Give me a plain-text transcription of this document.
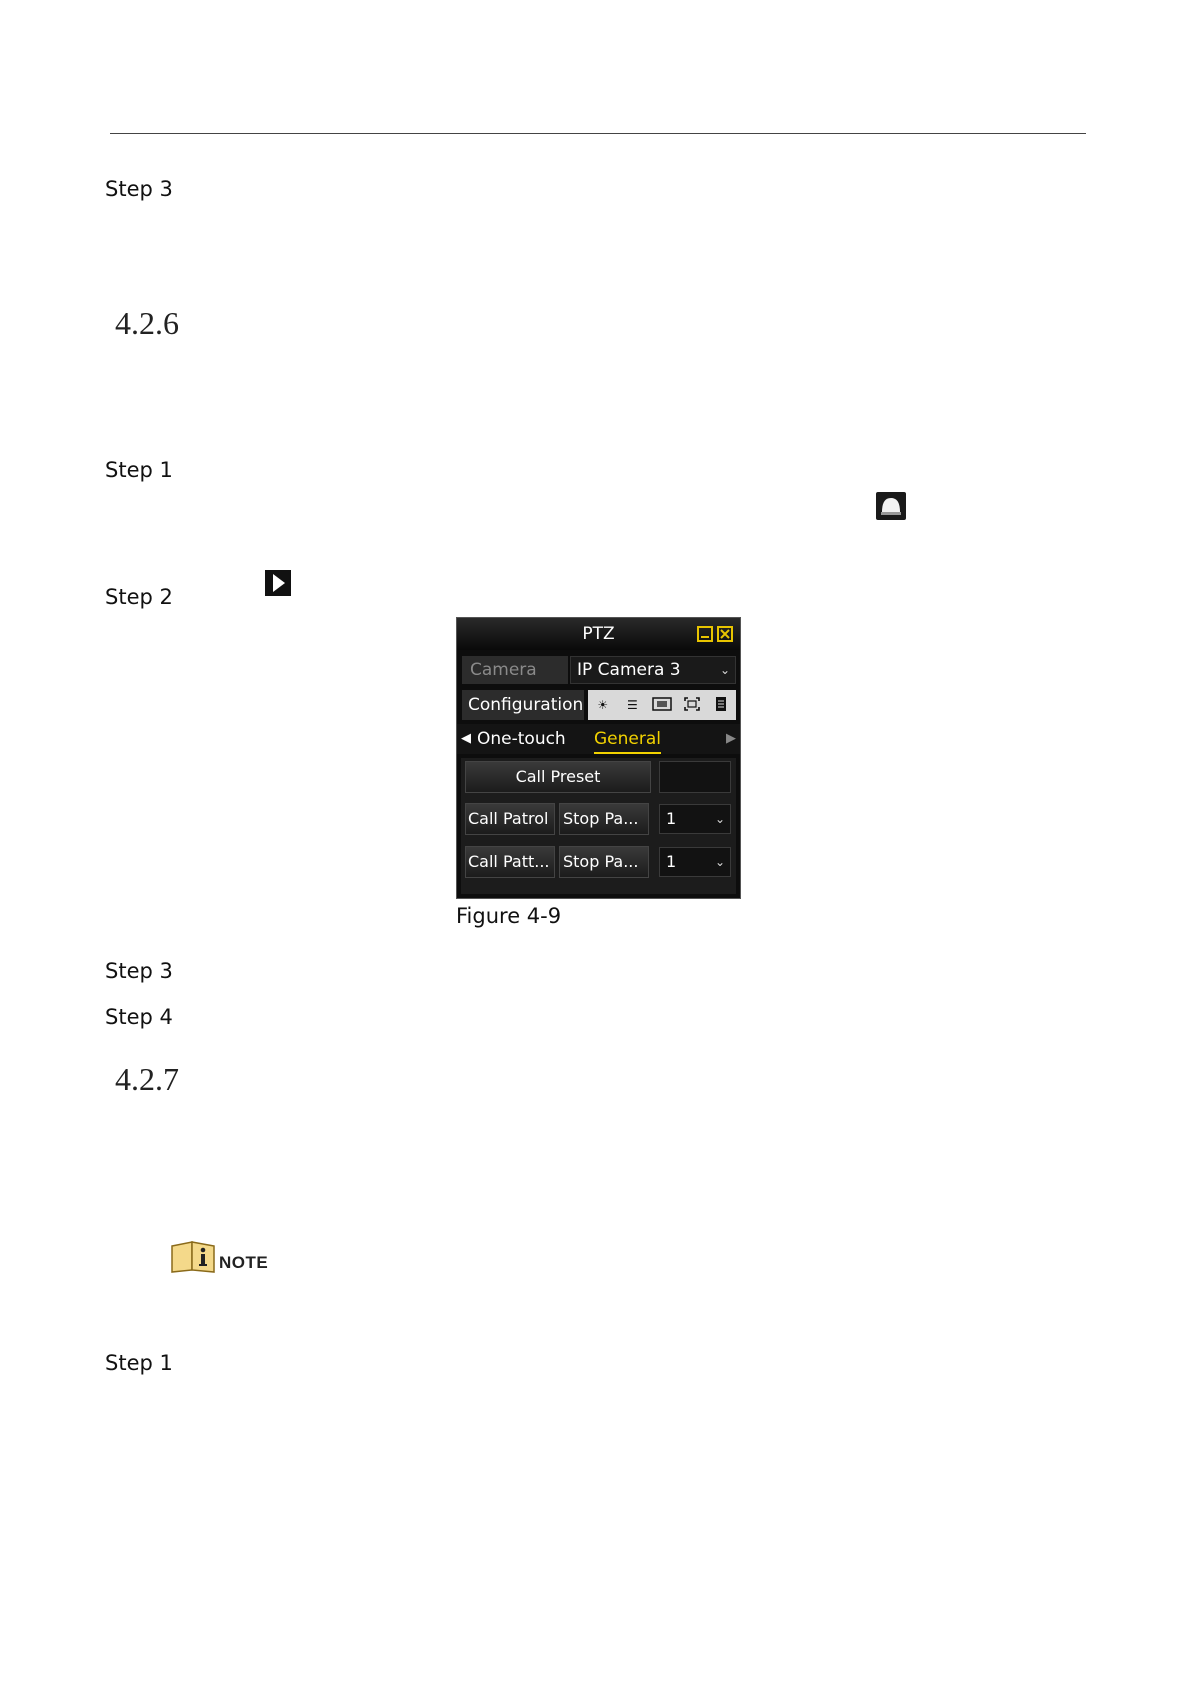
Step 3
4.2.6
Step 1
Step 2
PTZ
Camera	IP Camera 3	⌄
Configuration	☀	☰
◀ One-touch General	▶
Call Preset
Call Patrol Stop Pa...	1	⌄
Call Patt... Stop Pa...	1	⌄
Figure 4-9
Step 3
Step 4
4.2.7
NOTE
Step 1
